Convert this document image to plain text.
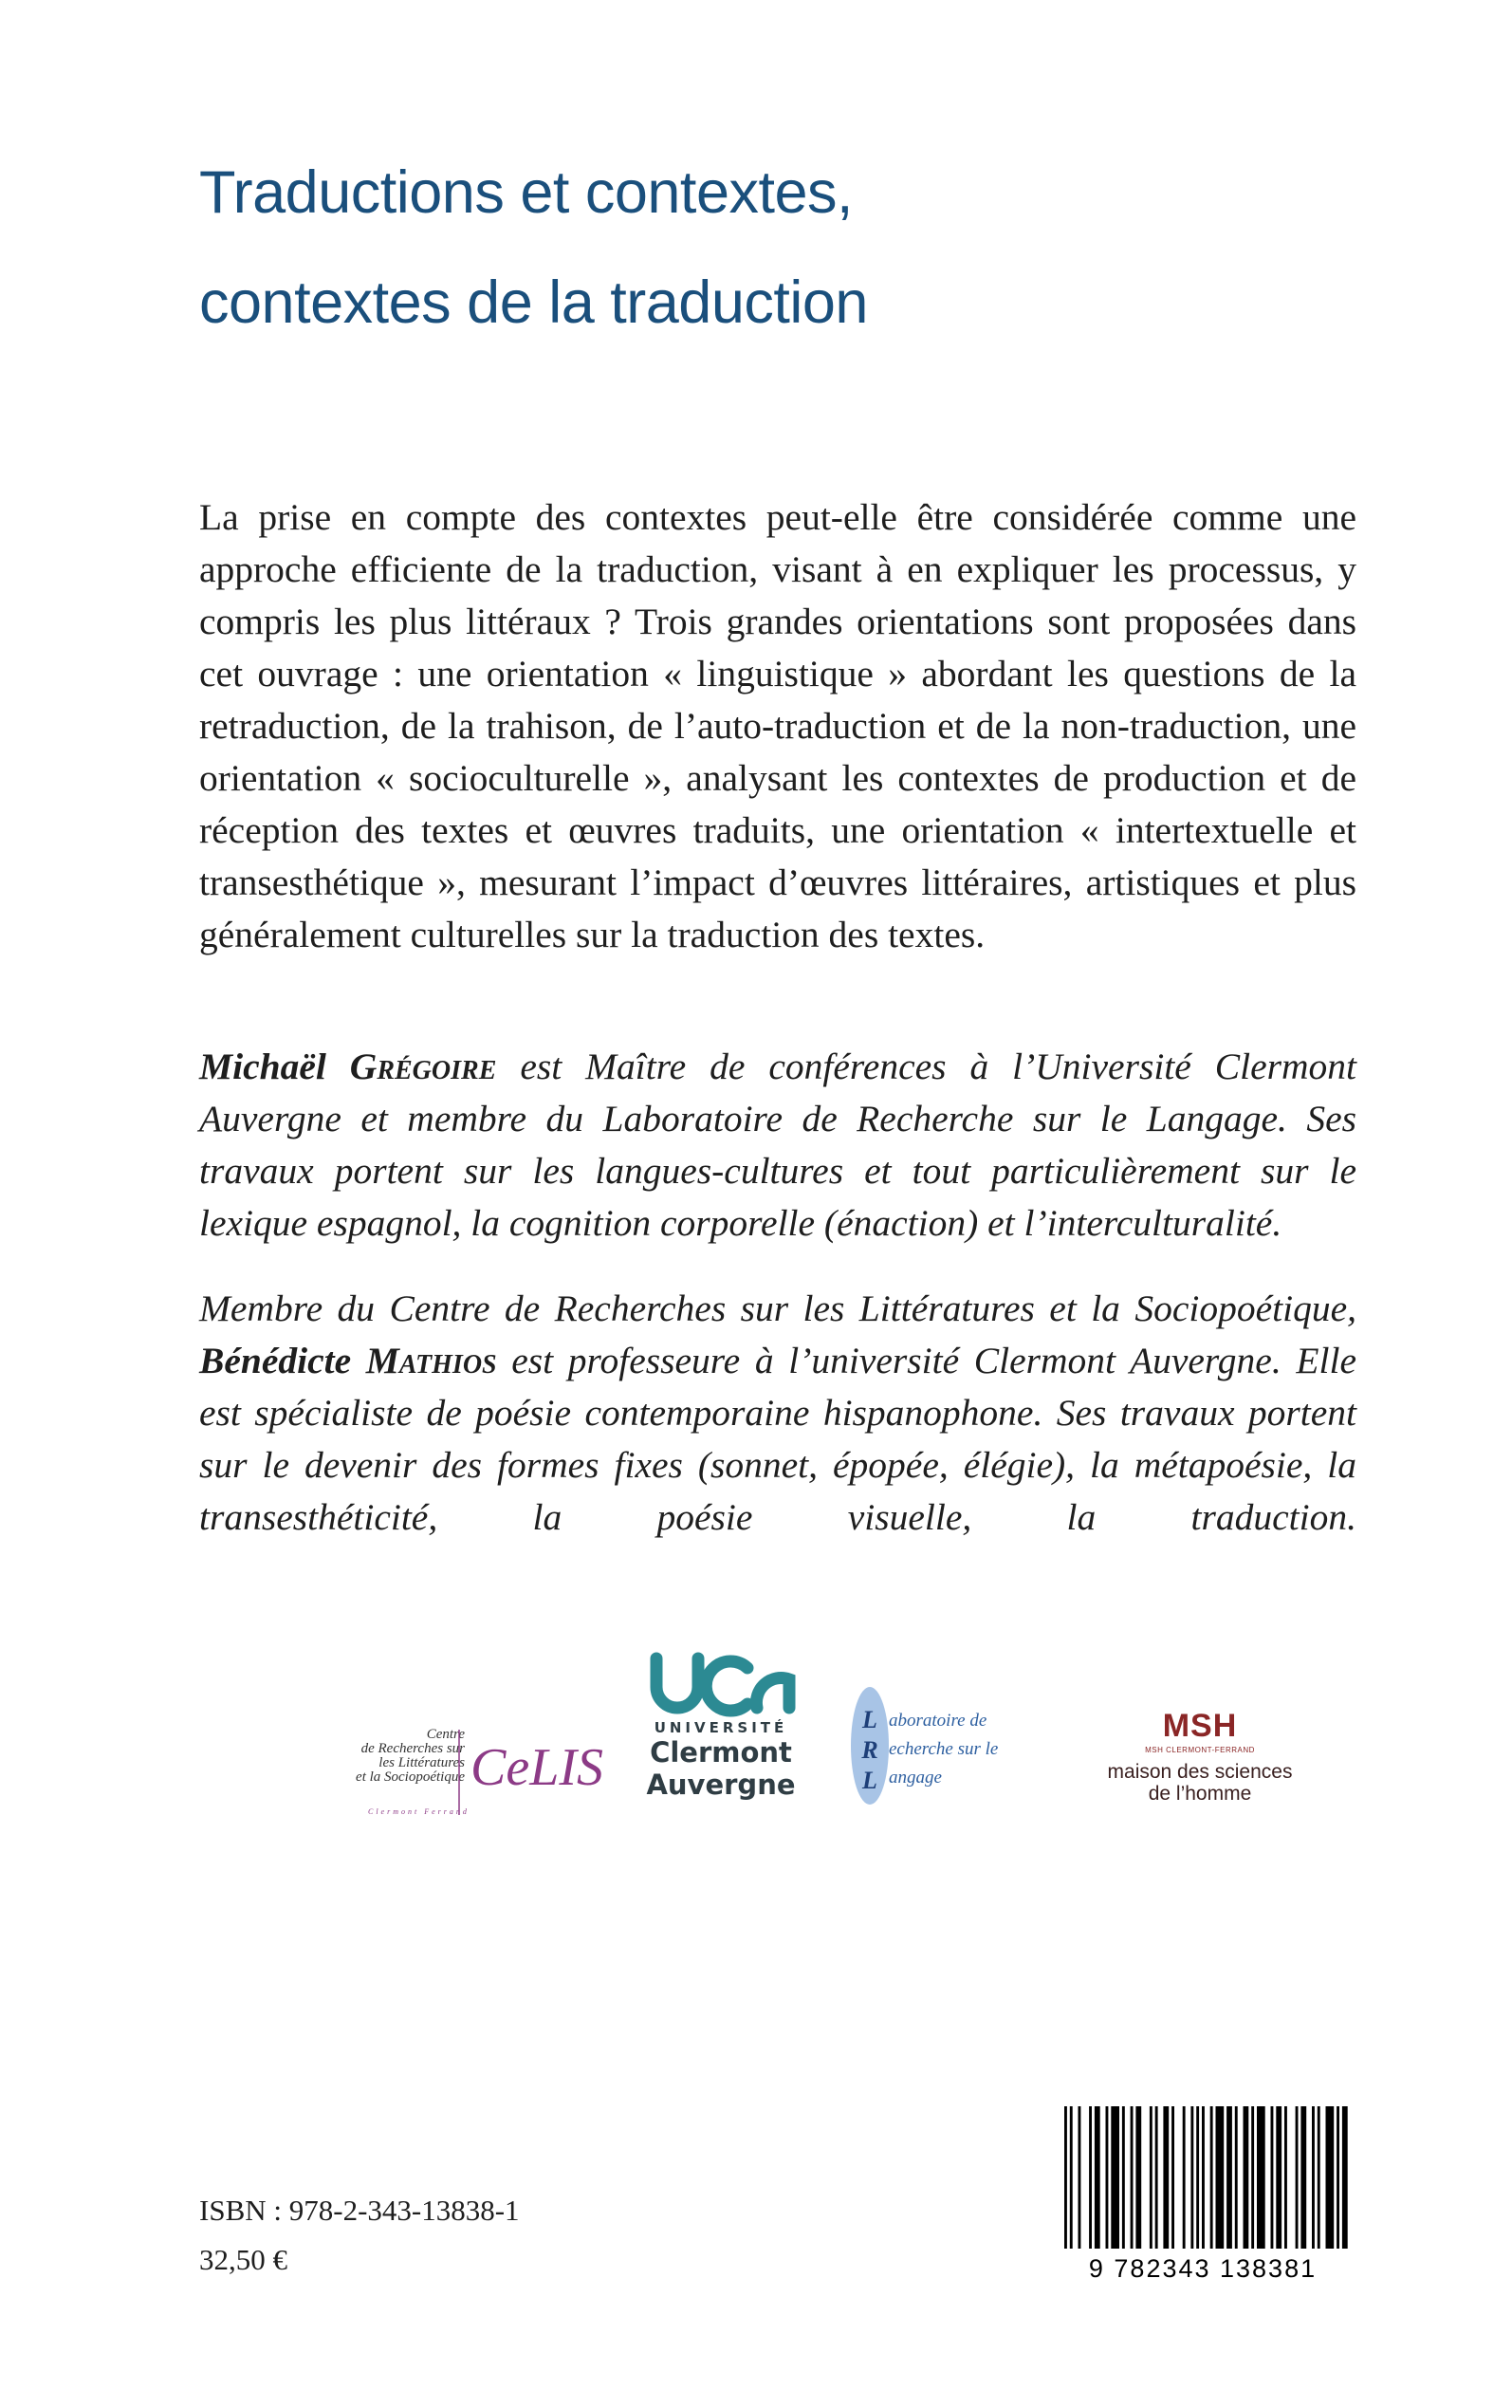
Traductions et contextes,
contextes de la traduction

La prise en compte des contextes peut-elle être considérée comme une approche efficiente de la traduction, visant à en expliquer les processus, y compris les plus littéraux ? Trois grandes orientations sont proposées dans cet ouvrage : une orientation « linguistique » abordant les questions de la retraduction, de la trahison, de l’auto-traduction et de la non-traduction, une orientation « socioculturelle », analysant les contextes de production et de réception des textes et œuvres traduits, une orientation « intertextuelle et transesthétique », mesurant l’impact d’œuvres littéraires, artistiques et plus généralement culturelles sur la traduction des textes.

Michaël Grégoire est Maître de conférences à l’Université Clermont Auvergne et membre du Laboratoire de Recherche sur le Langage. Ses travaux portent sur les langues-cultures et tout particulièrement sur le lexique espagnol, la cognition corporelle (énaction) et l’interculturalité.

Membre du Centre de Recherches sur les Littératures et la Sociopoétique, Bénédicte Mathios est professeure à l’université Clermont Auvergne. Elle est spécialiste de poésie contemporaine hispanophone. Ses travaux portent sur le devenir des formes fixes (sonnet, épopée, élégie), la métapoésie, la transesthéticité, la poésie visuelle, la traduction.

Centre
de Recherches sur
les Littératures
et la Sociopoétique CeLIS
Clermont Ferrand
UNIVERSITÉ
Clermont
Auvergne
L
R
L
aboratoire de
echerche sur le
angage
MSH
MSH CLERMONT-FERRAND
maison des sciences
de l’homme
ISBN : 978-2-343-13838-1
32,50 €	9 782343 138381
